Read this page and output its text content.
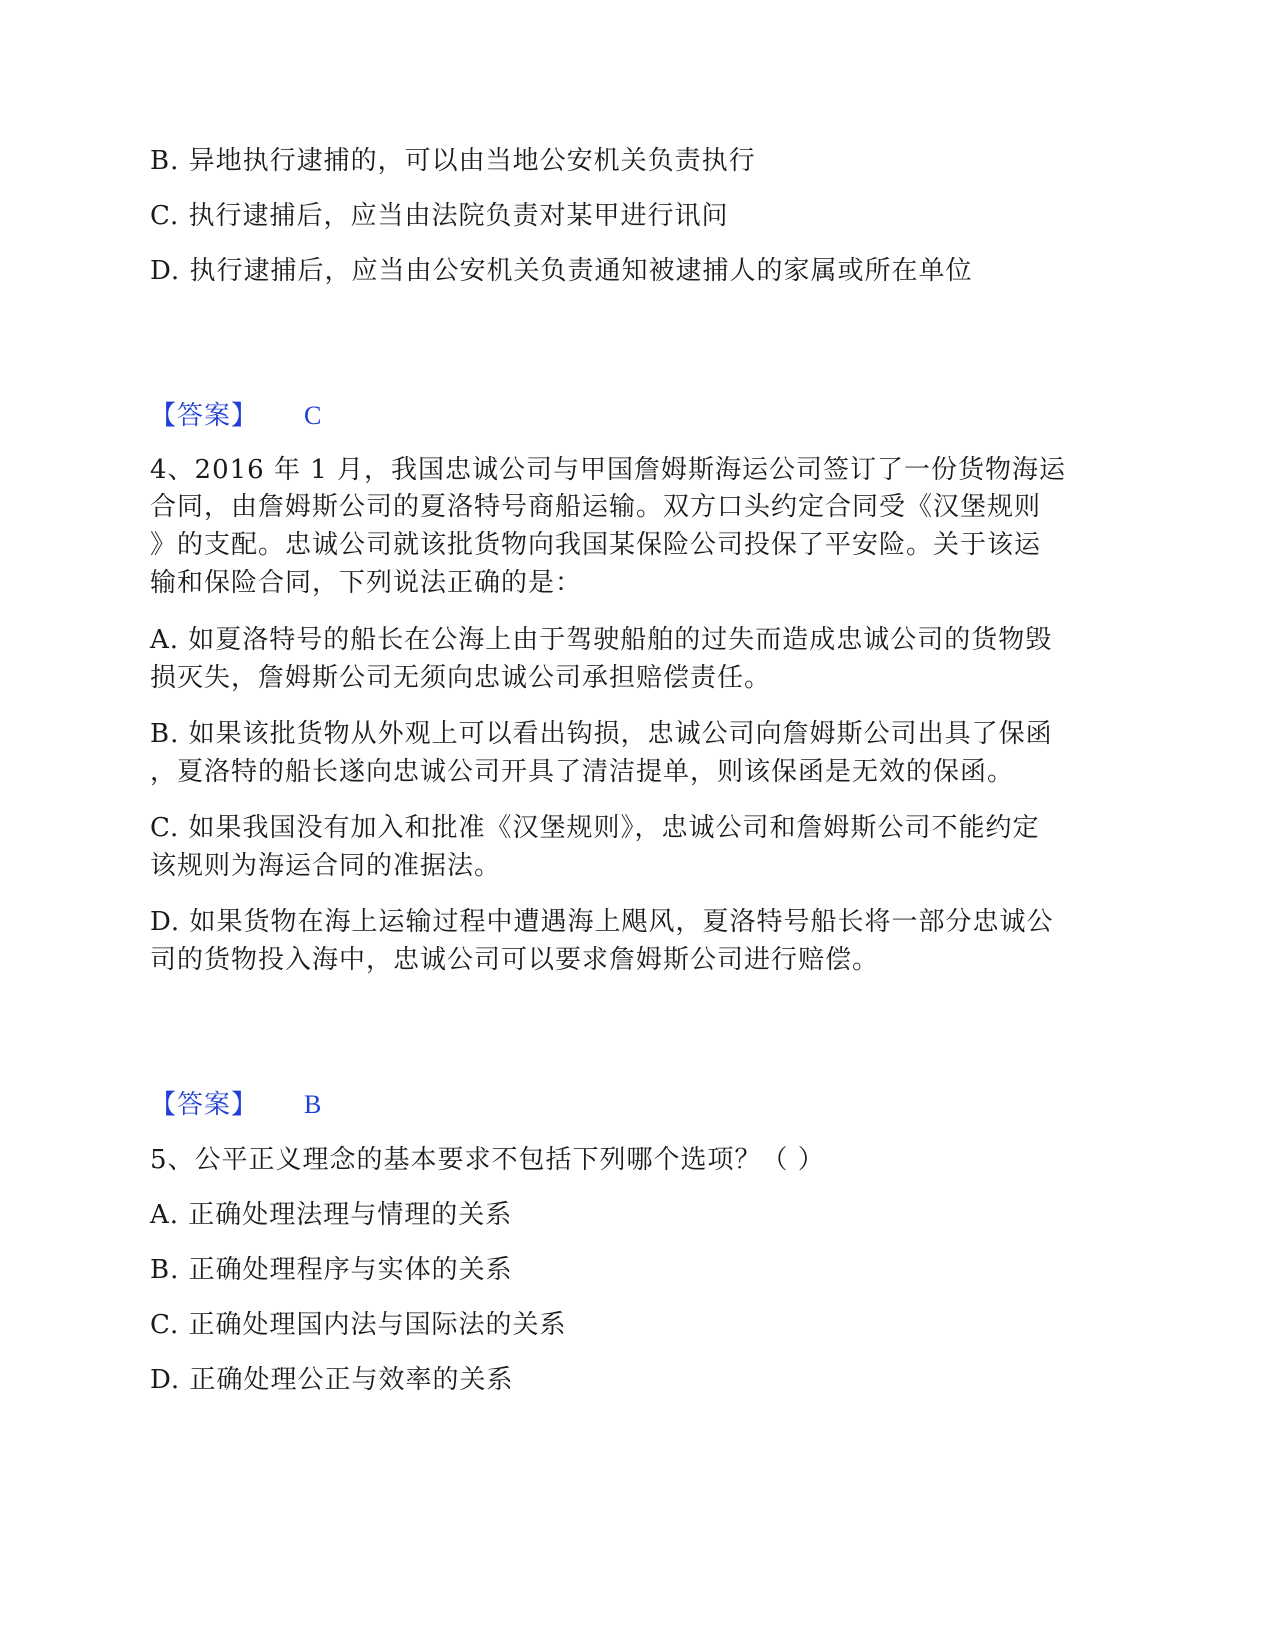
B. 异地执行逮捕的，可以由当地公安机关负责执行
C. 执行逮捕后，应当由法院负责对某甲进行讯问
D. 执行逮捕后，应当由公安机关负责通知被逮捕人的家属或所在单位
【答案】 C
4、2016 年 1 月，我国忠诚公司与甲国詹姆斯海运公司签订了一份货物海运
合同，由詹姆斯公司的夏洛特号商船运输。双方口头约定合同受《汉堡规则
》的支配。忠诚公司就该批货物向我国某保险公司投保了平安险。关于该运
输和保险合同，下列说法正确的是：
A. 如夏洛特号的船长在公海上由于驾驶船舶的过失而造成忠诚公司的货物毁
损灭失，詹姆斯公司无须向忠诚公司承担赔偿责任。
B. 如果该批货物从外观上可以看出钩损，忠诚公司向詹姆斯公司出具了保函
，夏洛特的船长遂向忠诚公司开具了清洁提单，则该保函是无效的保函。
C. 如果我国没有加入和批准《汉堡规则》，忠诚公司和詹姆斯公司不能约定
该规则为海运合同的准据法。
D. 如果货物在海上运输过程中遭遇海上飓风，夏洛特号船长将一部分忠诚公
司的货物投入海中，忠诚公司可以要求詹姆斯公司进行赔偿。
【答案】 B
5、公平正义理念的基本要求不包括下列哪个选项？（ ）
A. 正确处理法理与情理的关系
B. 正确处理程序与实体的关系
C. 正确处理国内法与国际法的关系
D. 正确处理公正与效率的关系
